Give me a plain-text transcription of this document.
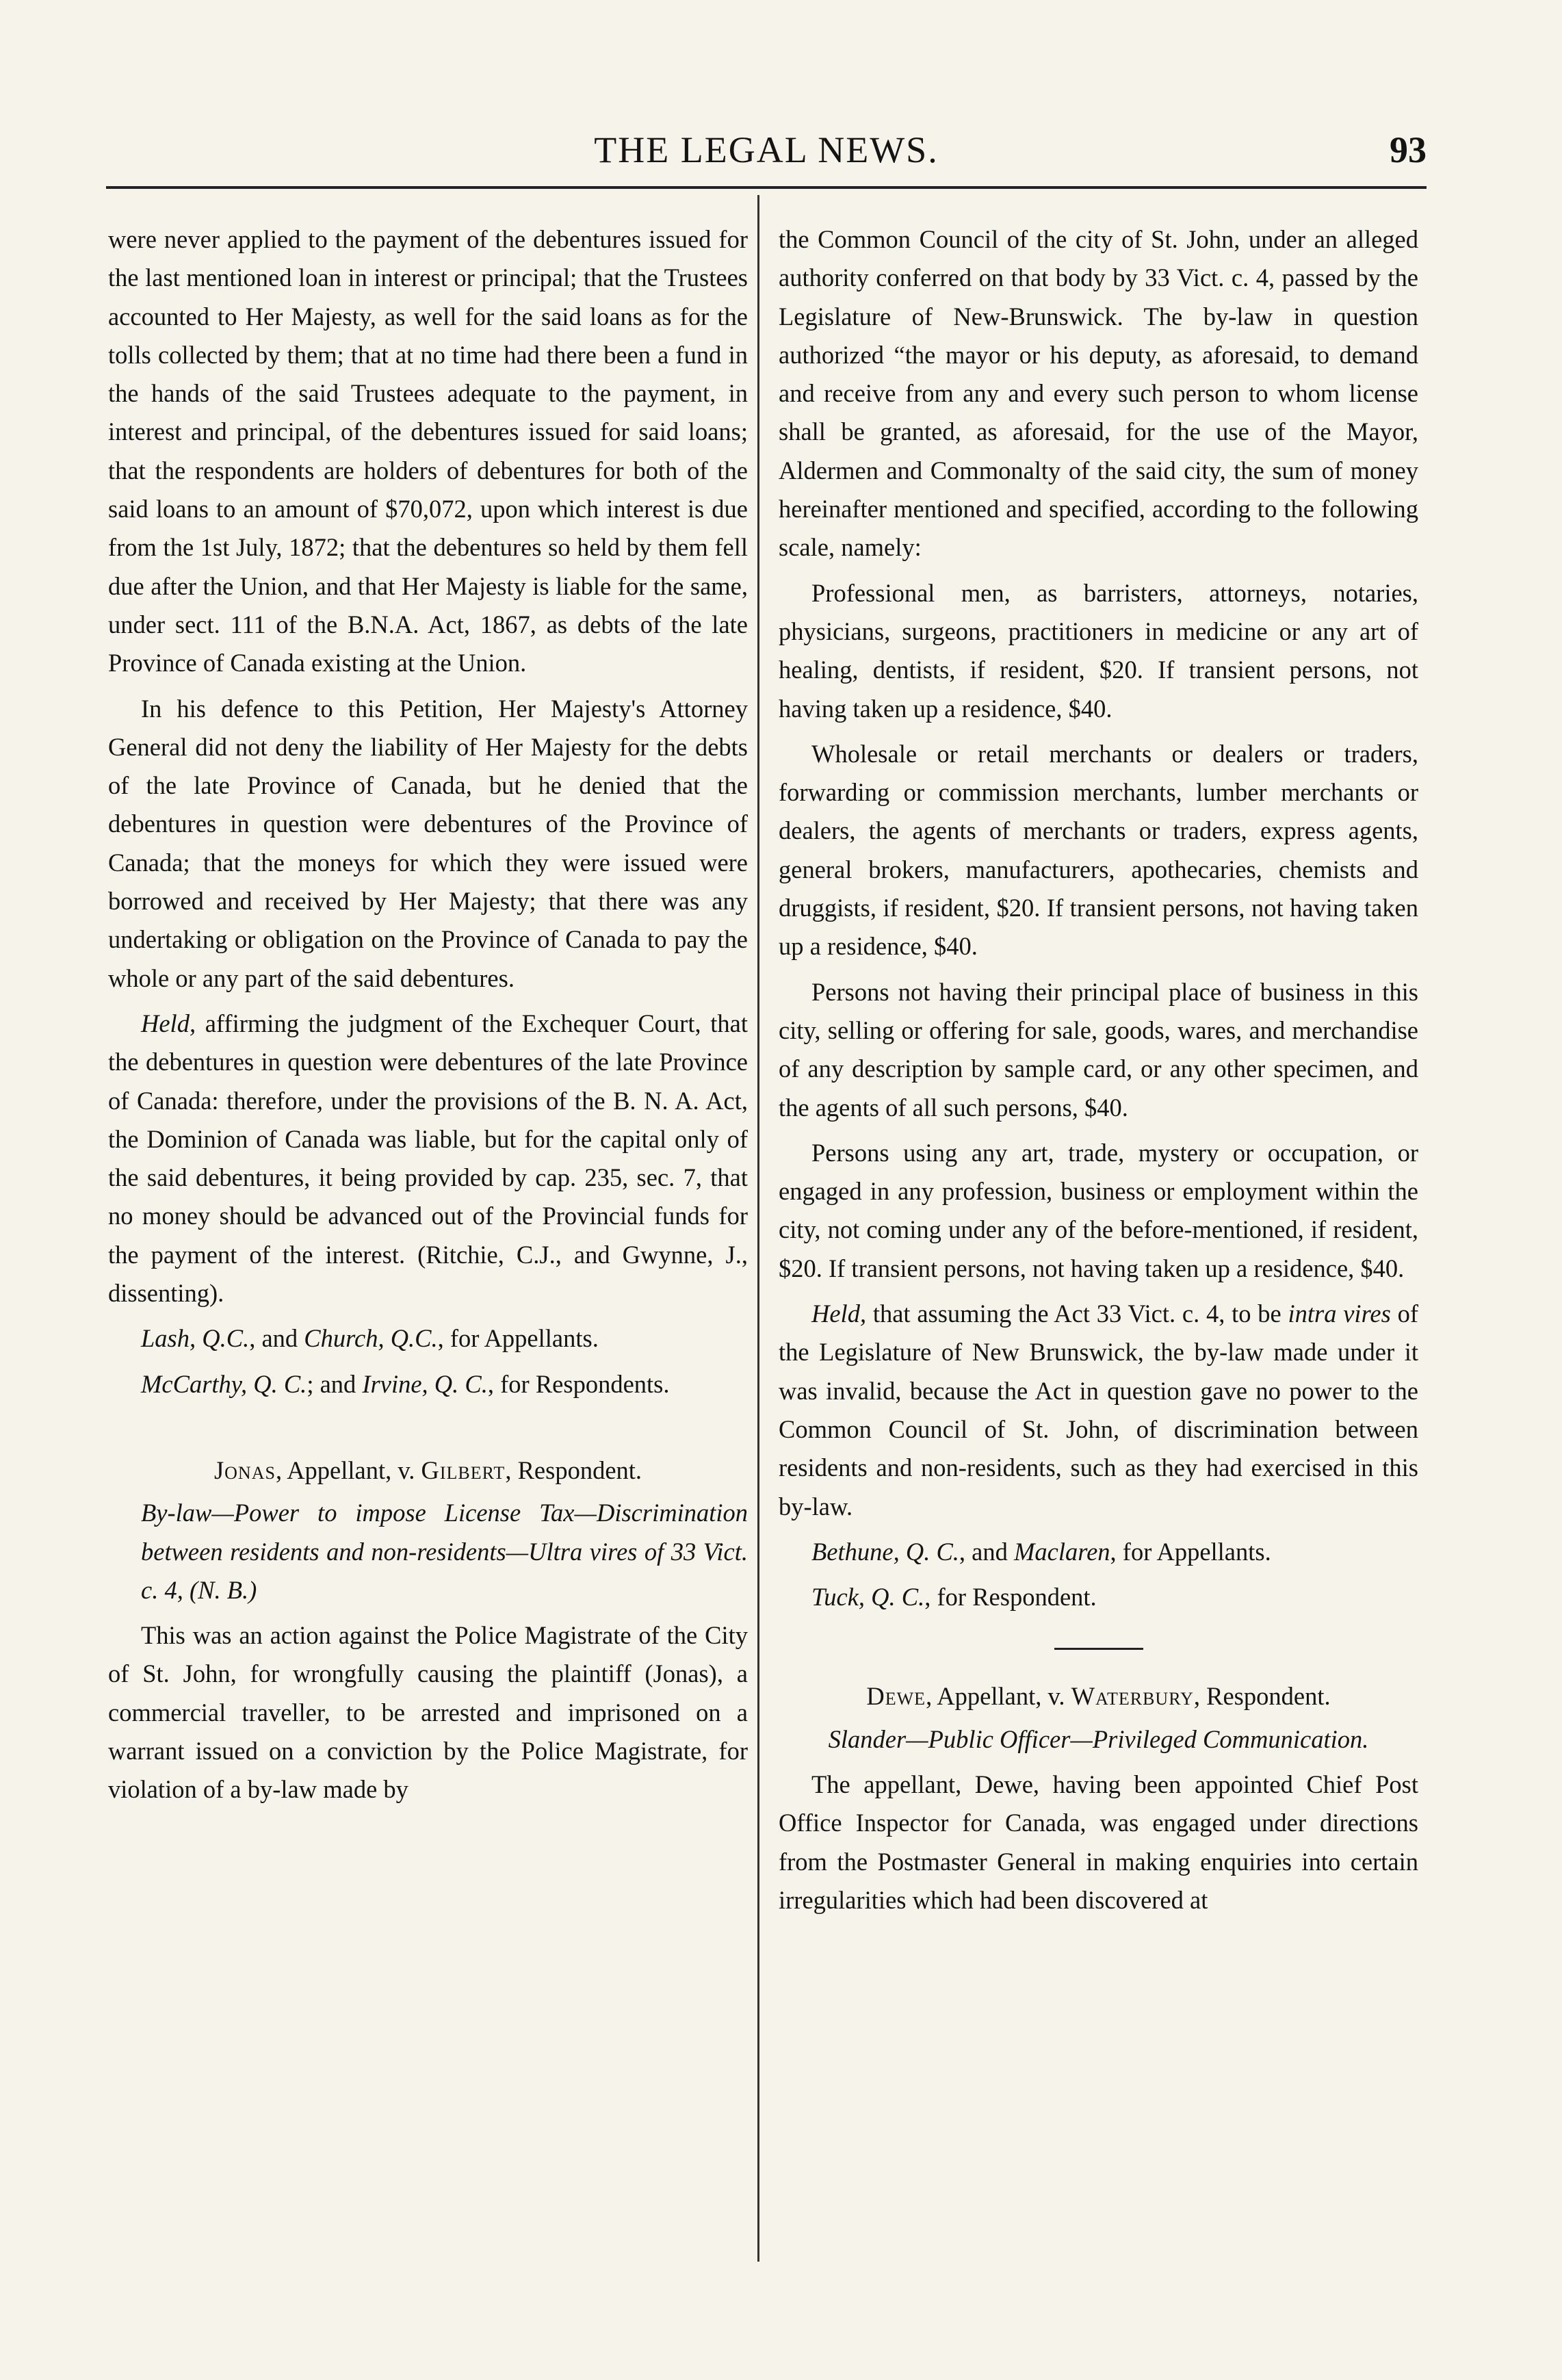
THE LEGAL NEWS.	93

were never applied to the payment of the debentures issued for the last mentioned loan in interest or principal; that the Trustees accounted to Her Majesty, as well for the said loans as for the tolls collected by them; that at no time had there been a fund in the hands of the said Trustees adequate to the payment, in interest and principal, of the debentures issued for said loans; that the respondents are holders of debentures for both of the said loans to an amount of $70,072, upon which interest is due from the 1st July, 1872; that the debentures so held by them fell due after the Union, and that Her Majesty is liable for the same, under sect. 111 of the B.N.A. Act, 1867, as debts of the late Province of Canada existing at the Union.

In his defence to this Petition, Her Majesty's Attorney General did not deny the liability of Her Majesty for the debts of the late Province of Canada, but he denied that the debentures in question were debentures of the Province of Canada; that the moneys for which they were issued were borrowed and received by Her Majesty; that there was any undertaking or obligation on the Province of Canada to pay the whole or any part of the said debentures.

Held, affirming the judgment of the Exchequer Court, that the debentures in question were debentures of the late Province of Canada: therefore, under the provisions of the B. N. A. Act, the Dominion of Canada was liable, but for the capital only of the said debentures, it being provided by cap. 235, sec. 7, that no money should be advanced out of the Provincial funds for the payment of the interest. (Ritchie, C.J., and Gwynne, J., dissenting).

Lash, Q.C., and Church, Q.C., for Appellants.

McCarthy, Q. C.; and Irvine, Q. C., for Respondents.

Jonas, Appellant, v. Gilbert, Respondent.

By-law—Power to impose License Tax—Discrimination between residents and non-residents—Ultra vires of 33 Vict. c. 4, (N. B.)

This was an action against the Police Magistrate of the City of St. John, for wrongfully causing the plaintiff (Jonas), a commercial traveller, to be arrested and imprisoned on a warrant issued on a conviction by the Police Magistrate, for violation of a by-law made by

the Common Council of the city of St. John, under an alleged authority conferred on that body by 33 Vict. c. 4, passed by the Legislature of New-Brunswick. The by-law in question authorized “the mayor or his deputy, as aforesaid, to demand and receive from any and every such person to whom license shall be granted, as aforesaid, for the use of the Mayor, Aldermen and Commonalty of the said city, the sum of money hereinafter mentioned and specified, according to the following scale, namely:

Professional men, as barristers, attorneys, notaries, physicians, surgeons, practitioners in medicine or any art of healing, dentists, if resident, $20. If transient persons, not having taken up a residence, $40.

Wholesale or retail merchants or dealers or traders, forwarding or commission merchants, lumber merchants or dealers, the agents of merchants or traders, express agents, general brokers, manufacturers, apothecaries, chemists and druggists, if resident, $20. If transient persons, not having taken up a residence, $40.

Persons not having their principal place of business in this city, selling or offering for sale, goods, wares, and merchandise of any description by sample card, or any other specimen, and the agents of all such persons, $40.

Persons using any art, trade, mystery or occupation, or engaged in any profession, business or employment within the city, not coming under any of the before-mentioned, if resident, $20. If transient persons, not having taken up a residence, $40.

Held, that assuming the Act 33 Vict. c. 4, to be intra vires of the Legislature of New Brunswick, the by-law made under it was invalid, because the Act in question gave no power to the Common Council of St. John, of discrimination between residents and non-residents, such as they had exercised in this by-law.

Bethune, Q. C., and Maclaren, for Appellants.

Tuck, Q. C., for Respondent.

Dewe, Appellant, v. Waterbury, Respondent.

Slander—Public Officer—Privileged Communication.

The appellant, Dewe, having been appointed Chief Post Office Inspector for Canada, was engaged under directions from the Postmaster General in making enquiries into certain irregularities which had been discovered at
